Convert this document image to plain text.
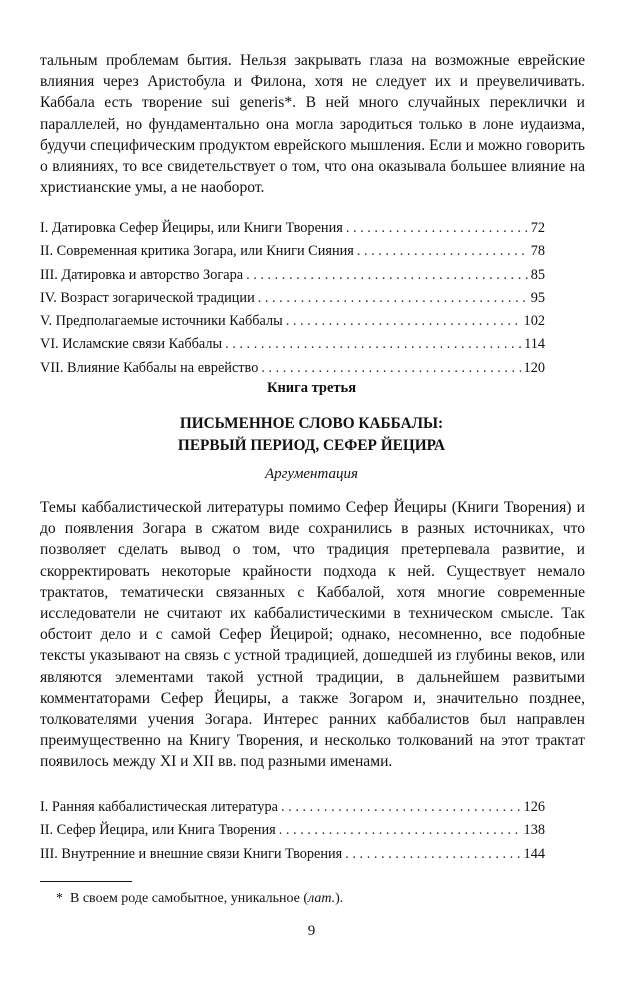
тальным проблемам бытия. Нельзя закрывать глаза на возможные еврейские влияния через Аристобула и Филона, хотя не следует их и преувеличивать. Каббала есть творение sui generis*. В ней много случайных переклички и параллелей, но фундаментально она могла зародиться только в лоне иудаизма, будучи специфическим продуктом еврейского мышления. Если и можно говорить о влияниях, то все свидетельствует о том, что она оказывала большее влияние на христианские умы, а не наоборот.

I. Датировка Сефер Йециры, или Книги Творения . . .	72
II. Современная критика Зогара, или Книги Сияния . . .	78
III. Датировка и авторство Зогара . . .	85
IV. Возраст зогарической традиции . . .	95
V. Предполагаемые источники Каббалы . . .	102
VI. Исламские связи Каббалы . . .	114
VII. Влияние Каббалы на еврейство . . .	120
Книга третья
ПИСЬМЕННОЕ СЛОВО КАББАЛЫ:
ПЕРВЫЙ ПЕРИОД, СЕФЕР ЙЕЦИРА
Аргументация

Темы каббалистической литературы помимо Сефер Йециры (Книги Творения) и до появления Зогара в сжатом виде сохранились в разных источниках, что позволяет сделать вывод о том, что традиция претерпевала развитие, и скорректировать некоторые крайности подхода к ней. Существует немало трактатов, тематически связанных с Каббалой, хотя многие современные исследователи не считают их каббалистическими в техническом смысле. Так обстоит дело и с самой Сефер Йецирой; однако, несомненно, все подобные тексты указывают на связь с устной традицией, дошедшей из глубины веков, или являются элементами такой устной традиции, в дальнейшем развитыми комментаторами Сефер Йециры, а также Зогаром и, значительно позднее, толкователями учения Зогара. Интерес ранних каббалистов был направлен преимущественно на Книгу Творения, и несколько толкований на этот трактат появилось между XI и XII вв. под разными именами.

I. Ранняя каббалистическая литература . . .	126
II. Сефер Йецира, или Книга Творения . . .	138
III. Внутренние и внешние связи Книги Творения . . .	144
* В своем роде самобытное, уникальное (лат.).
9
